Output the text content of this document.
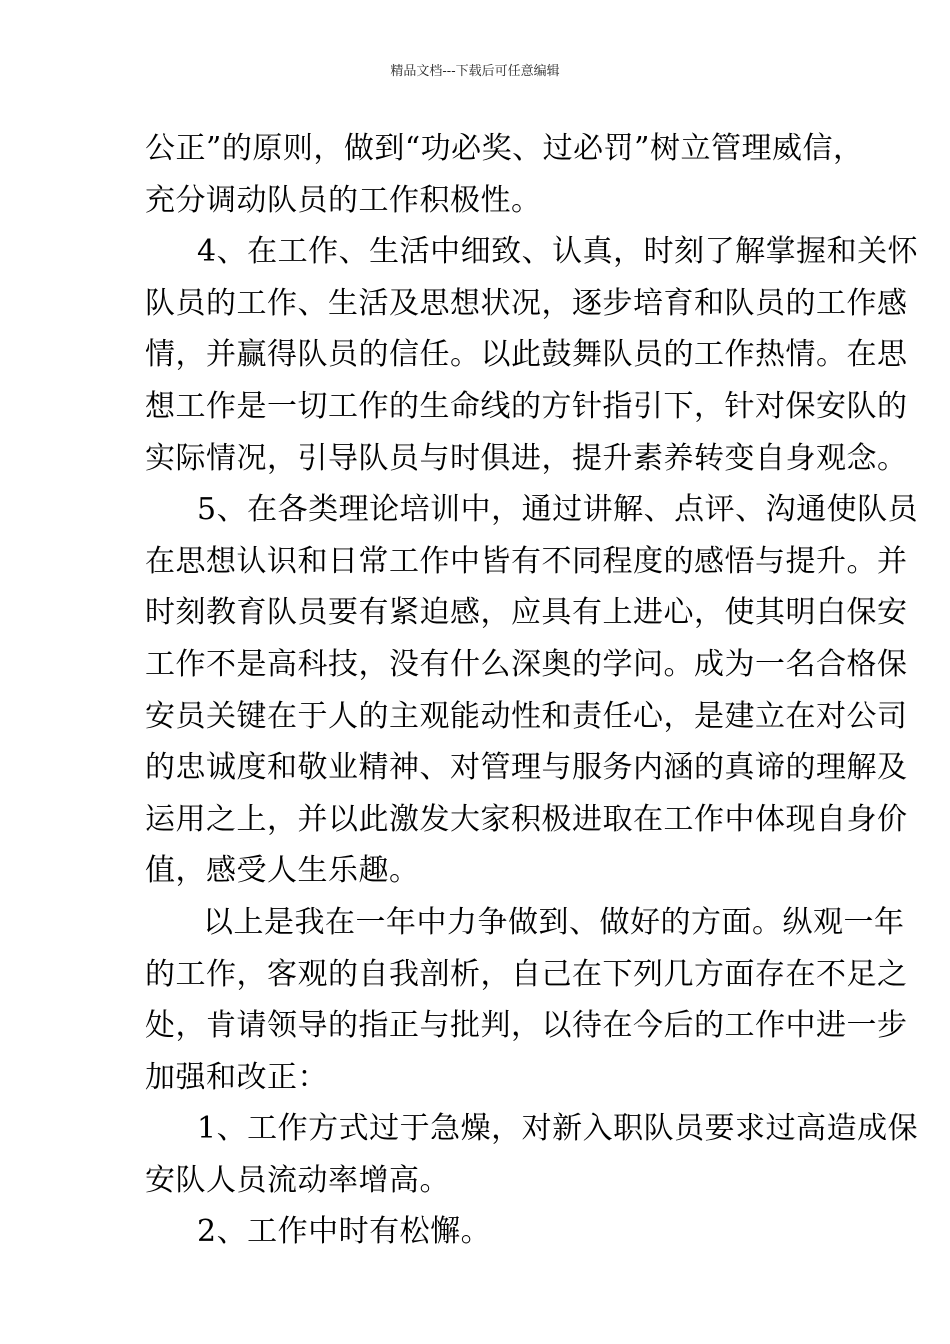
精品文档---下载后可任意编辑
公正”的原则，做到“功必奖、过必罚”树立管理威信，
充分调动队员的工作积极性。
4、在工作、生活中细致、认真，时刻了解掌握和关怀
队员的工作、生活及思想状况，逐步培育和队员的工作感
情，并赢得队员的信任。以此鼓舞队员的工作热情。在思
想工作是一切工作的生命线的方针指引下，针对保安队的
实际情况，引导队员与时俱进，提升素养转变自身观念。
5、在各类理论培训中，通过讲解、点评、沟通使队员
在思想认识和日常工作中皆有不同程度的感悟与提升。并
时刻教育队员要有紧迫感，应具有上进心，使其明白保安
工作不是高科技，没有什么深奥的学问。成为一名合格保
安员关键在于人的主观能动性和责任心，是建立在对公司
的忠诚度和敬业精神、对管理与服务内涵的真谛的理解及
运用之上，并以此激发大家积极进取在工作中体现自身价
值，感受人生乐趣。
以上是我在一年中力争做到、做好的方面。纵观一年
的工作，客观的自我剖析，自己在下列几方面存在不足之
处，肯请领导的指正与批判，以待在今后的工作中进一步
加强和改正：
1、工作方式过于急燥，对新入职队员要求过高造成保
安队人员流动率增高。
2、工作中时有松懈。
